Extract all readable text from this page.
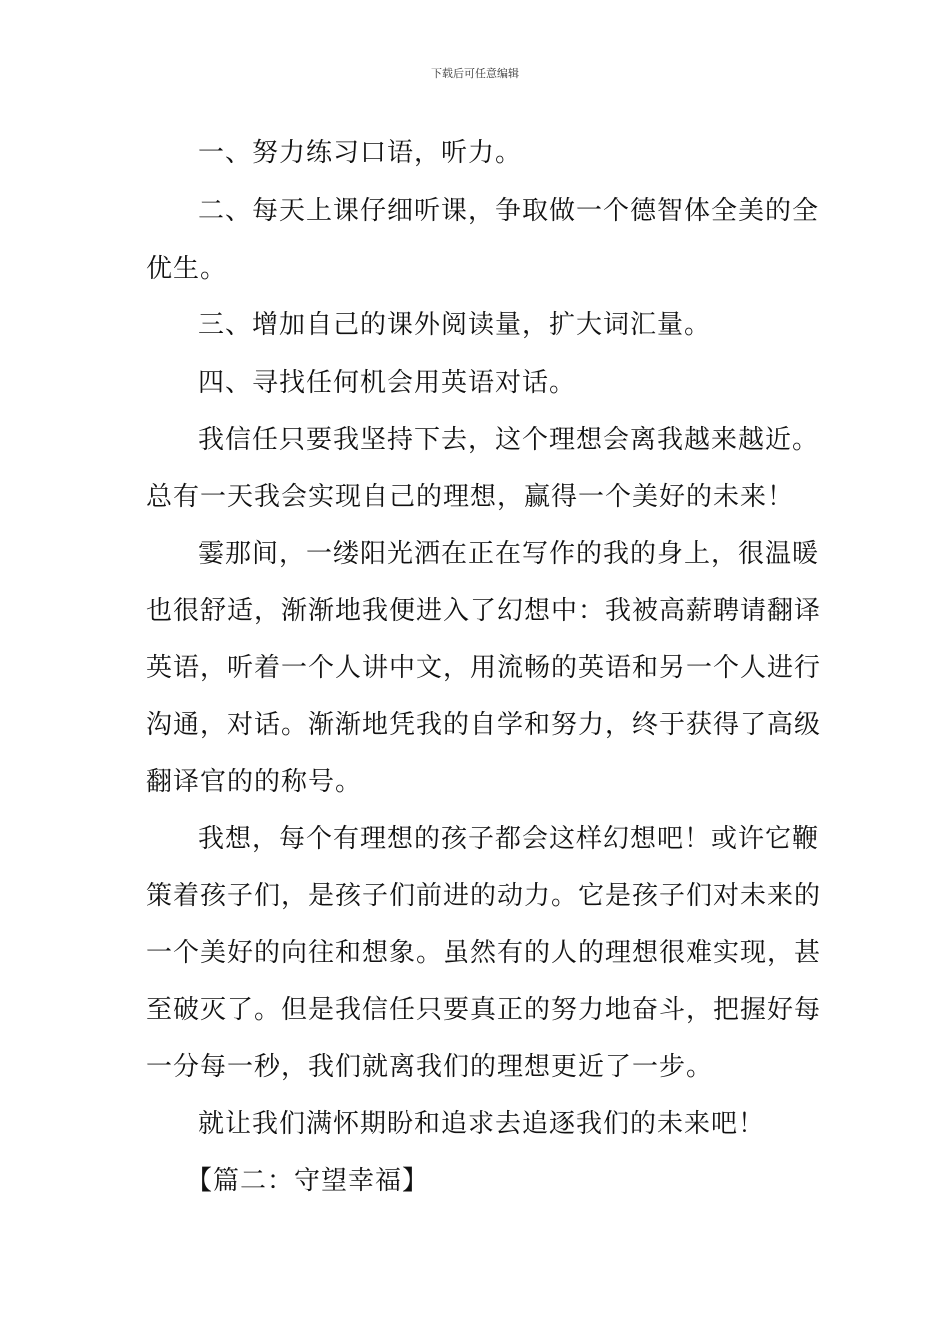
下载后可任意编辑
一、努力练习口语，听力。
二、每天上课仔细听课，争取做一个德智体全美的全
优生。
三、增加自己的课外阅读量，扩大词汇量。
四、寻找任何机会用英语对话。
我信任只要我坚持下去，这个理想会离我越来越近。
总有一天我会实现自己的理想，赢得一个美好的未来！
霎那间，一缕阳光洒在正在写作的我的身上，很温暖
也很舒适，渐渐地我便进入了幻想中：我被高薪聘请翻译
英语，听着一个人讲中文，用流畅的英语和另一个人进行
沟通，对话。渐渐地凭我的自学和努力，终于获得了高级
翻译官的的称号。
我想，每个有理想的孩子都会这样幻想吧！或许它鞭
策着孩子们，是孩子们前进的动力。它是孩子们对未来的
一个美好的向往和想象。虽然有的人的理想很难实现，甚
至破灭了。但是我信任只要真正的努力地奋斗，把握好每
一分每一秒，我们就离我们的理想更近了一步。
就让我们满怀期盼和追求去追逐我们的未来吧！
【篇二：守望幸福】
